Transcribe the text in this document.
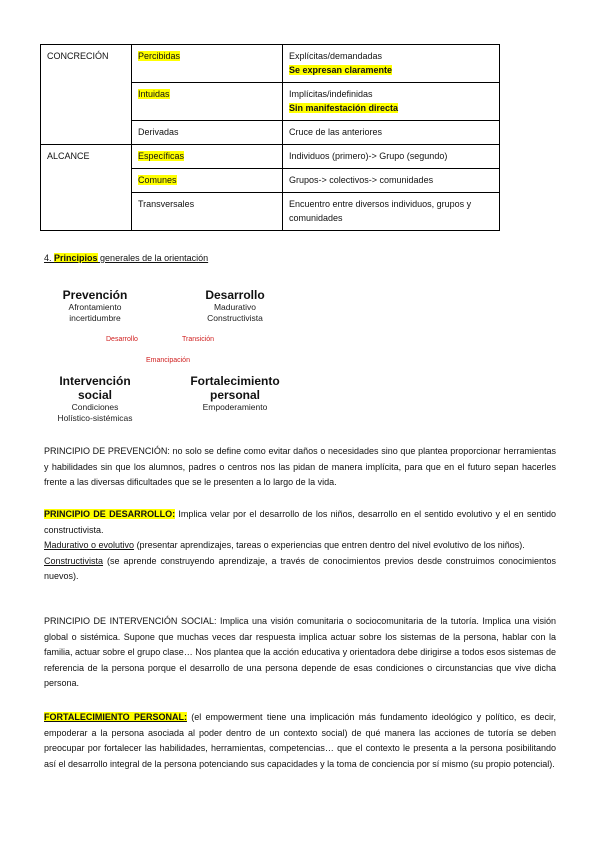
CONCRECIÓN	Percibidas	Explícitas/demandadas
Se expresan claramente
	Intuidas	Implícitas/indefinidas
Sin manifestación directa
	Derivadas	Cruce de las anteriores
ALCANCE	Específicas	Individuos (primero)-> Grupo (segundo)
	Comunes	Grupos-> colectivos-> comunidades
	Transversales	Encuentro entre diversos individuos, grupos y comunidades
4. Principios generales de la orientación
Prevención
Afrontamiento
incertidumbre
Desarrollo
Madurativo
Constructivista
Desarrollo	Transición
Emancipación
Intervención
social
Condiciones
Holístico-sistémicas
Fortalecimiento
personal
Empoderamiento

PRINCIPIO DE PREVENCIÓN: no solo se define como evitar daños o necesidades sino que plantea proporcionar herramientas y habilidades sin que los alumnos, padres o centros nos las pidan de manera implícita, para que en el futuro sepan hacerles frente a las diversas dificultades que se le presenten a lo largo de la vida.

PRINCIPIO DE DESARROLLO: Implica velar por el desarrollo de los niños, desarrollo en el sentido evolutivo y el en sentido constructivista.

Madurativo o evolutivo (presentar aprendizajes, tareas o experiencias que entren dentro del nivel evolutivo de los niños).

Constructivista (se aprende construyendo aprendizaje, a través de conocimientos previos desde construimos conocimientos nuevos).

PRINCIPIO DE INTERVENCIÓN SOCIAL: Implica una visión comunitaria o sociocomunitaria de la tutoría. Implica una visión global o sistémica. Supone que muchas veces dar respuesta implica actuar sobre los sistemas de la persona, hablar con la familia, actuar sobre el grupo clase… Nos plantea que la acción educativa y orientadora debe dirigirse a todos esos sistemas de referencia de la persona porque el desarrollo de una persona depende de esas condiciones o circunstancias que vive dicha persona.

FORTALECIMIENTO PERSONAL: (el empowerment tiene una implicación más fundamento ideológico y político, es decir, empoderar a la persona asociada al poder dentro de un contexto social) de qué manera las acciones de tutoría se deben preocupar por fortalecer las habilidades, herramientas, competencias… que el contexto le presenta a la persona posibilitando así el desarrollo integral de la persona potenciando sus capacidades y la toma de conciencia por sí mismo (su propio potencial).
